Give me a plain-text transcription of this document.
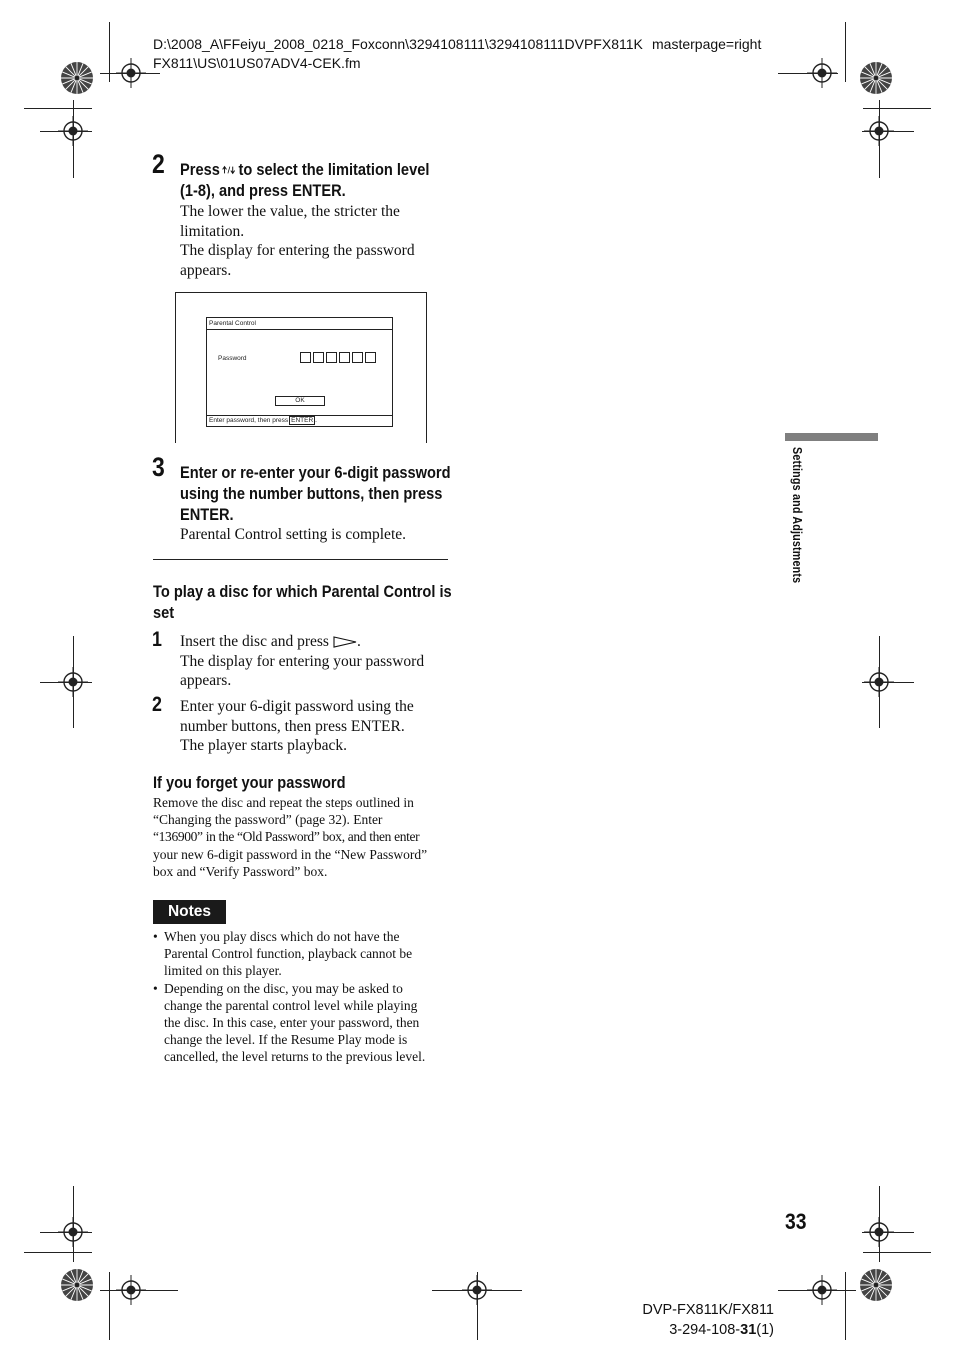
D:\2008_A\FFeiyu_2008_0218_Foxconn\3294108111\3294108111DVPFX811K
FX811\US\01US07ADV4-CEK.fm
masterpage=right
2 Press to select the limitation level
(1-8), and press ENTER.
The lower the value, the stricter the
limitation.
The display for entering the password
appears.
Parental Control
Password
OK
Enter password, then press ENTER .
3 Enter or re-enter your 6-digit password
using the number buttons, then press
ENTER.
Parental Control setting is complete.
To play a disc for which Parental Control is
set
1 Insert the disc and press .
The display for entering your password
appears.
2 Enter your 6-digit password using the
number buttons, then press ENTER.
The player starts playback.
If you forget your password
Remove the disc and repeat the steps outlined in
“Changing the password” (page 32). Enter
“136900” in the “Old Password” box, and then enter
your new 6-digit password in the “New Password”
box and “Verify Password” box.
Notes
• When you play discs which do not have the
Parental Control function, playback cannot be
limited on this player.
• Depending on the disc, you may be asked to
change the parental control level while playing
the disc. In this case, enter your password, then
change the level. If the Resume Play mode is
cancelled, the level returns to the previous level.
Settings and Adjustments
33
DVP-FX811K/FX811
3-294-108-31(1)
